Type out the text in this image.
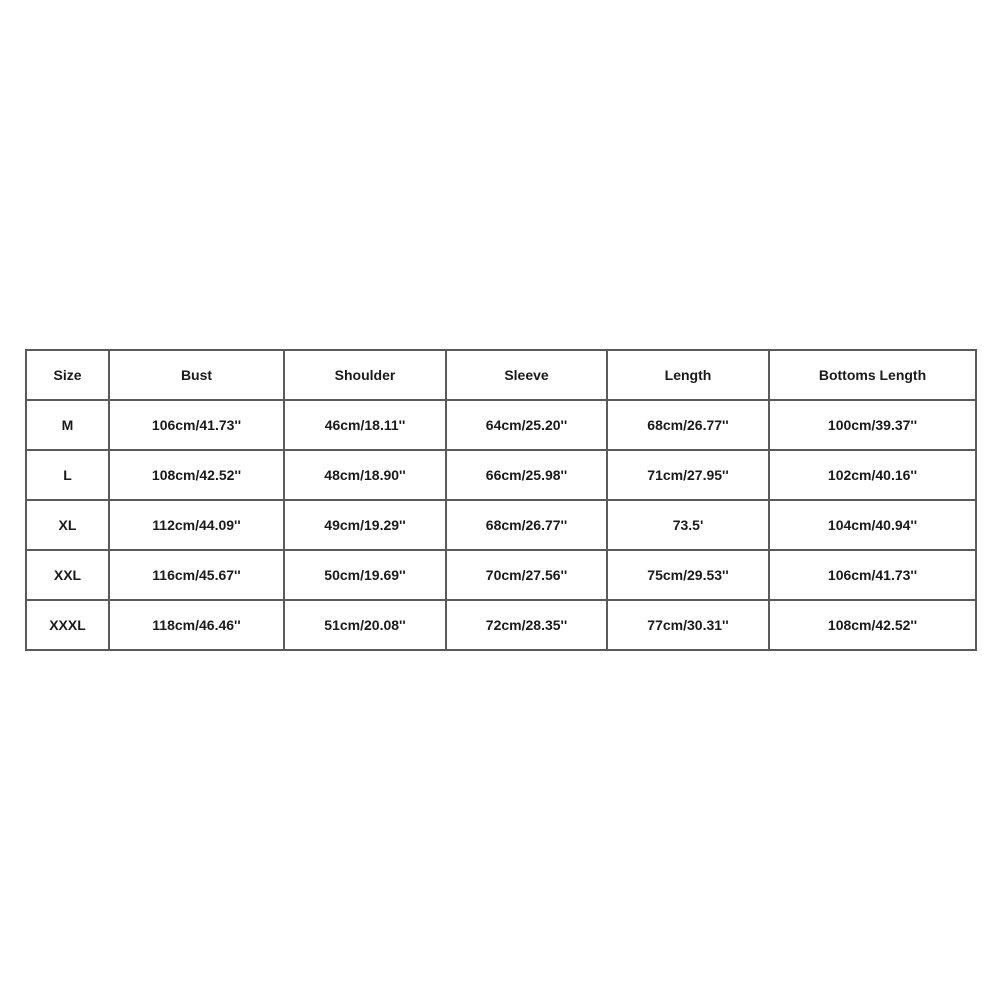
Size	Bust	Shoulder	Sleeve	Length	Bottoms Length
M	106cm/41.73''	46cm/18.11''	64cm/25.20''	68cm/26.77''	100cm/39.37''
L	108cm/42.52''	48cm/18.90''	66cm/25.98''	71cm/27.95''	102cm/40.16''
XL	112cm/44.09''	49cm/19.29''	68cm/26.77''	73.5'	104cm/40.94''
XXL	116cm/45.67''	50cm/19.69''	70cm/27.56''	75cm/29.53''	106cm/41.73''
XXXL	118cm/46.46''	51cm/20.08''	72cm/28.35''	77cm/30.31''	108cm/42.52''
